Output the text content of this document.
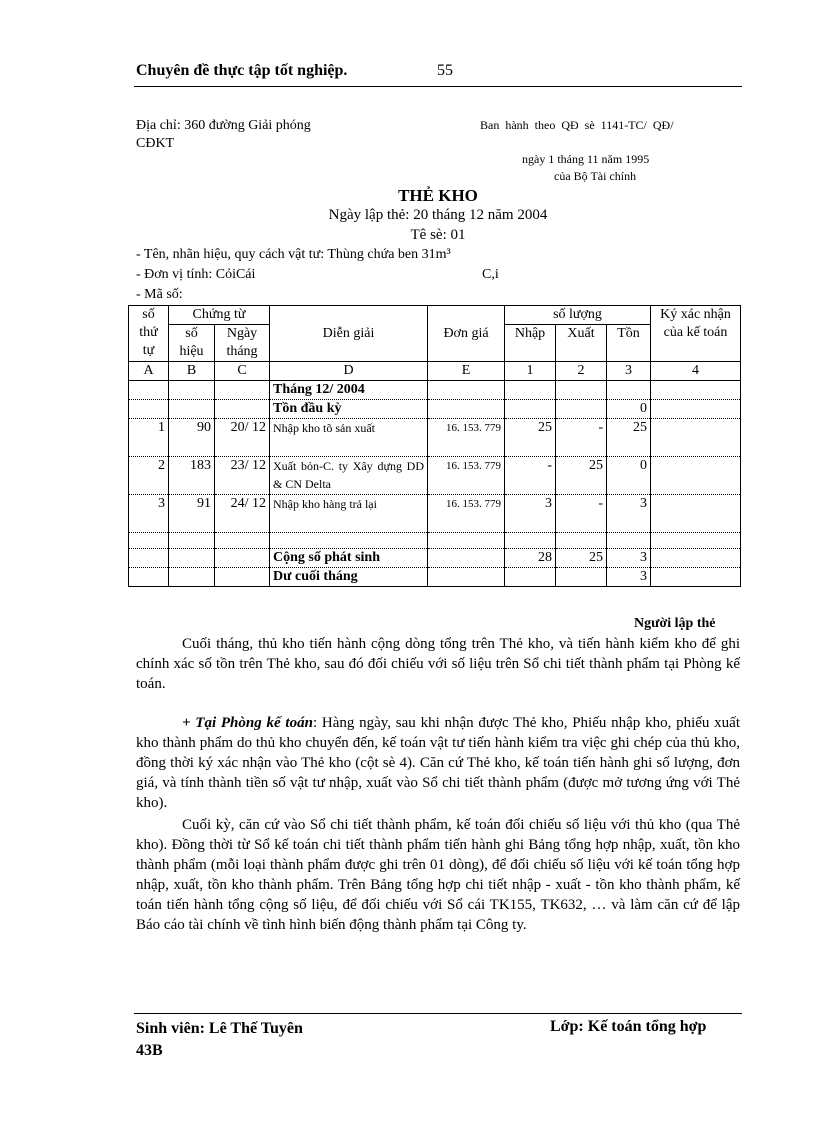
Chuyên đề thực tập tốt nghiệp.	55
Địa chỉ: 360 đường Giải phóng
CĐKT
Ban hành theo QĐ sè 1141-TC/ QĐ/
ngày 1 tháng 11 năm 1995
của Bộ Tài chính
THẺ KHO
Ngày lập thẻ: 20 tháng 12 năm 2004
Tê sè: 01
- Tên, nhãn hiệu, quy cách vật tư: Thùng chứa ben 31m³
- Đơn vị tính: CỏiCái	C,i
- Mã số:
số thứ tự	Chứng từ		Diễn giải	Đơn giá	số lượng			Ký xác nhận của kế toán
	số hiệu	Ngày tháng			Nhập	Xuất	Tồn	
A	B	C	D	E	1	2	3	4
			Tháng 12/ 2004					
			Tồn đầu kỳ				0	
1	90	20/ 12	Nhập kho tõ sản xuất	16. 153. 779	25	-	25	
2	183	23/ 12	Xuất bỏn-C. ty Xây dựng DD & CN Delta	16. 153. 779	-	25	0	
3	91	24/ 12	Nhập kho hàng trả lại	16. 153. 779	3	-	3	

			Cộng số phát sinh		28	25	3	
			Dư cuối tháng				3	
Người lập thẻ
Cuối tháng, thủ kho tiến hành cộng dòng tổng trên Thẻ kho, và tiến hành kiểm kho để ghi chính xác số tồn trên Thẻ kho, sau đó đối chiếu với số liệu trên Sổ chi tiết thành phẩm tại Phòng kế toán.
+ Tại Phòng kế toán: Hàng ngày, sau khi nhận được Thẻ kho, Phiếu nhập kho, phiếu xuất kho thành phẩm do thủ kho chuyển đến, kế toán vật tư tiến hành kiểm tra việc ghi chép của thủ kho, đồng thời ký xác nhận vào Thẻ kho (cột sè 4). Căn cứ Thẻ kho, kế toán tiến hành ghi số lượng, đơn giá, và tính thành tiền số vật tư nhập, xuất vào Sổ chi tiết thành phẩm (được mở tương ứng với Thẻ kho).
Cuối kỳ, căn cứ vào Sổ chi tiết thành phẩm, kế toán đối chiếu số liệu với thủ kho (qua Thẻ kho). Đồng thời từ Sổ kế toán chi tiết thành phẩm tiến hành ghi Bảng tổng hợp nhập, xuất, tồn kho thành phẩm (mỗi loại thành phẩm được ghi trên 01 dòng), để đối chiếu số liệu với kế toán tổng hợp nhập, xuất, tồn kho thành phẩm. Trên Bảng tổng hợp chi tiết nhập - xuất - tồn kho thành phẩm, kế toán tiến hành tổng cộng số liệu, để đối chiếu với Sổ cái TK155, TK632, … và làm căn cứ để lập Báo cáo tài chính về tình hình biến động thành phẩm tại Công ty.
Sinh viên: Lê Thế Tuyên
43B
Lớp: Kế toán tổng hợp
